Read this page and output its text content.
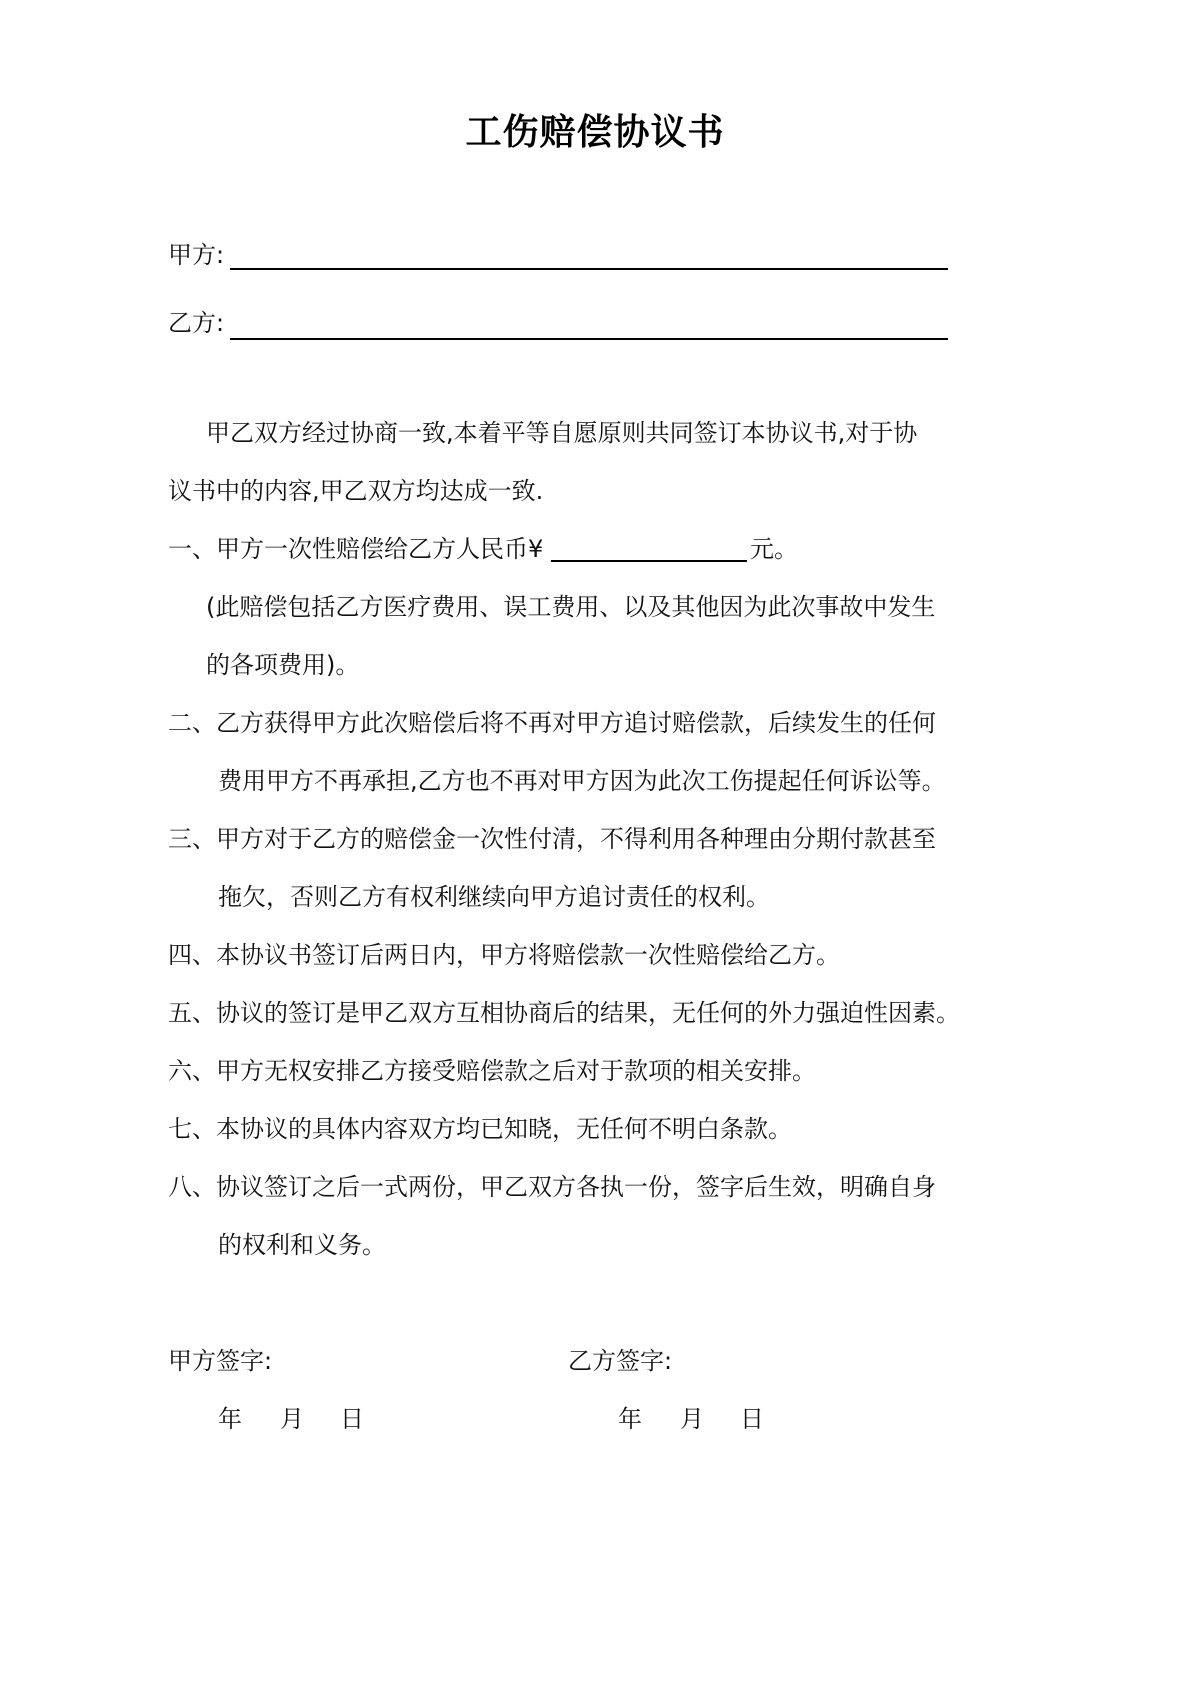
工伤赔偿协议书
甲方:
乙方:
甲乙双方经过协商一致,本着平等自愿原则共同签订本协议书,对于协
议书中的内容,甲乙双方均达成一致.
一、甲方一次性赔偿给乙方人民币¥	元。
(此赔偿包括乙方医疗费用、误工费用、以及其他因为此次事故中发生
的各项费用)。
二、乙方获得甲方此次赔偿后将不再对甲方追讨赔偿款，后续发生的任何
费用甲方不再承担,乙方也不再对甲方因为此次工伤提起任何诉讼等。
三、甲方对于乙方的赔偿金一次性付清，不得利用各种理由分期付款甚至
拖欠，否则乙方有权利继续向甲方追讨责任的权利。
四、本协议书签订后两日内，甲方将赔偿款一次性赔偿给乙方。
五、协议的签订是甲乙双方互相协商后的结果，无任何的外力强迫性因素。
六、甲方无权安排乙方接受赔偿款之后对于款项的相关安排。
七、本协议的具体内容双方均已知晓，无任何不明白条款。
八、协议签订之后一式两份，甲乙双方各执一份，签字后生效，明确自身
的权利和义务。
甲方签字:	乙方签字:
年 月 日	年 月 日
